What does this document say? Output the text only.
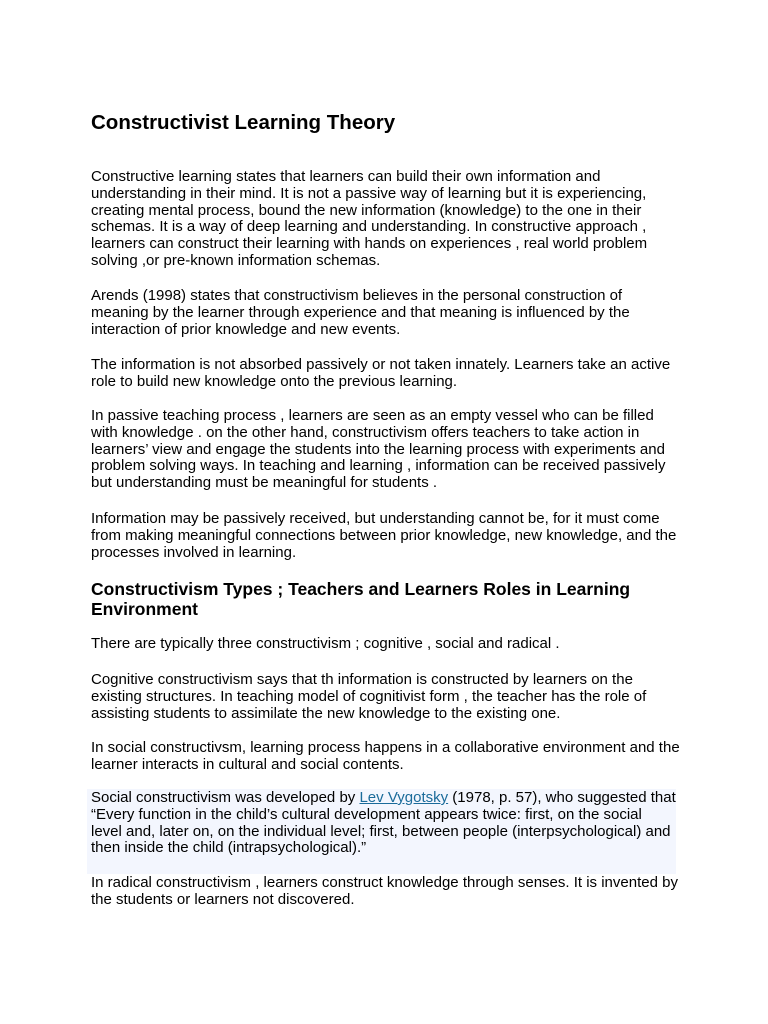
Constructivist Learning Theory

Constructive learning states that learners can build their own information and understanding in their mind. It is not a passive way of learning but it is experiencing, creating mental process, bound the new information (knowledge) to the one in their schemas. It is a way of deep learning and understanding. In constructive approach , learners can construct their learning with hands on experiences , real world problem solving ,or pre-known information schemas.

Arends (1998) states that constructivism believes in the personal construction of meaning by the learner through experience and that meaning is influenced by the interaction of prior knowledge and new events.

The information is not absorbed passively or not taken innately. Learners take an active role to build new knowledge onto the previous learning.

In passive teaching process , learners are seen as an empty vessel who can be filled with knowledge . on the other hand, constructivism offers teachers to take action in learners’ view and engage the students into the learning process with experiments and problem solving ways. In teaching and learning , information can be received passively but understanding must be meaningful for students .

Information may be passively received, but understanding cannot be, for it must come from making meaningful connections between prior knowledge, new knowledge, and the processes involved in learning.

Constructivism Types ; Teachers and Learners Roles in Learning Environment

There are typically three constructivism ; cognitive , social and radical .

Cognitive constructivism says that th information is constructed by learners on the existing structures. In teaching model of cognitivist form , the teacher has the role of assisting students to assimilate the new knowledge to the existing one.

In social constructivsm, learning process happens in a collaborative environment and the learner interacts in cultural and social contents.

Social constructivism was developed by Lev Vygotsky (1978, p. 57), who suggested that “Every function in the child’s cultural development appears twice: first, on the social level and, later on, on the individual level; first, between people (interpsychological) and then inside the child (intrapsychological).”

In radical constructivism , learners construct knowledge through senses. It is invented by the students or learners not discovered.
